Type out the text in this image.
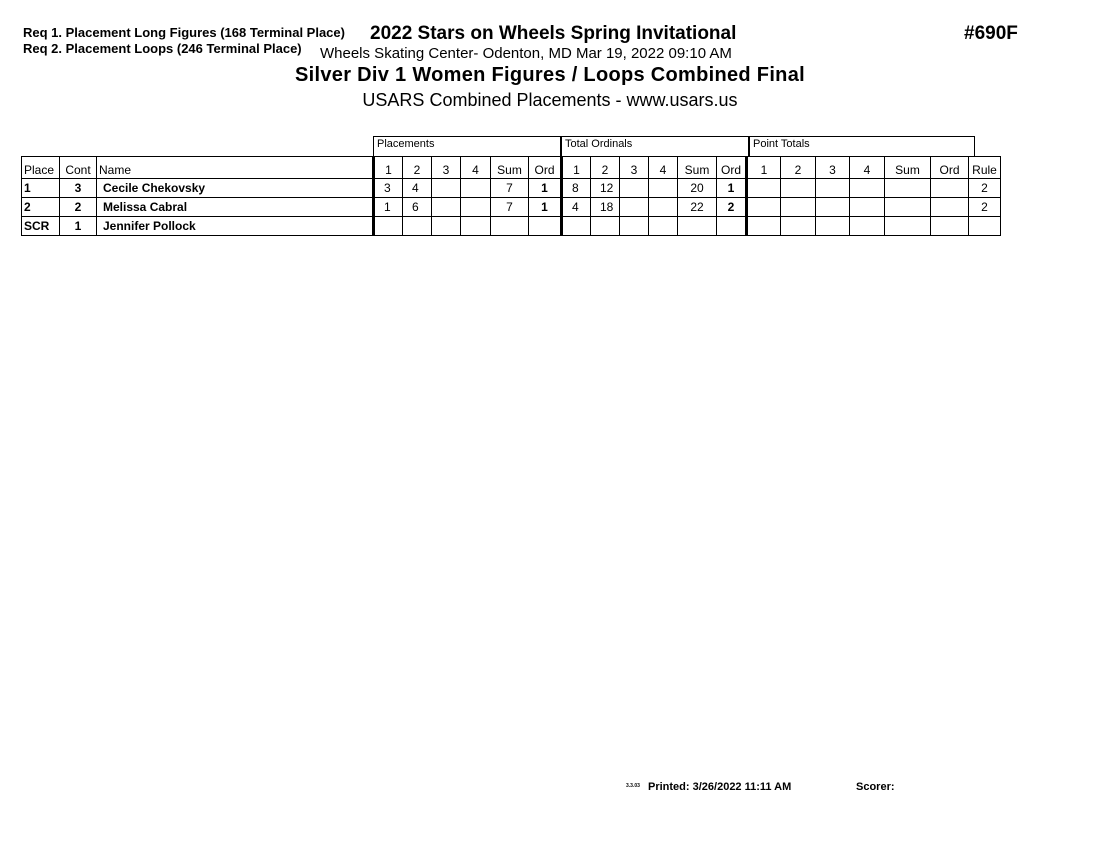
Req 1. Placement Long Figures (168 Terminal Place)
Req 2. Placement Loops (246 Terminal Place)
2022 Stars on Wheels Spring Invitational	#690F
Wheels Skating Center- Odenton, MD Mar 19, 2022 09:10 AM
Silver Div 1 Women Figures / Loops Combined Final
USARS Combined Placements - www.usars.us
Placements	Total Ordinals	Point Totals
Place	Cont	Name	1	2	3	4	Sum	Ord	1	2	3	4	Sum	Ord	1	2	3	4	Sum	Ord	Rule
1	3	Cecile Chekovsky	3	4			7	1	8	12			20	1							2
2	2	Melissa Cabral	1	6			7	1	4	18			22	2							2
SCR	1	Jennifer Pollock																			
3.3.03 Printed: 3/26/2022 11:11 AM	Scorer:
